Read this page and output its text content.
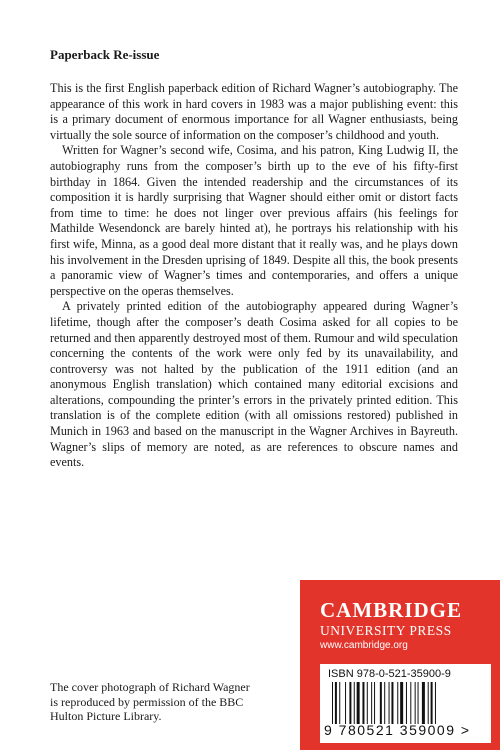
Paperback Re-issue

This is the first English paperback edition of Richard Wagner’s autobiography. The appearance of this work in hard covers in 1983 was a major publishing event: this is a primary document of enormous importance for all Wagner enthusiasts, being virtually the sole source of information on the composer’s childhood and youth.

Written for Wagner’s second wife, Cosima, and his patron, King Ludwig II, the autobiography runs from the composer’s birth up to the eve of his fifty-first birthday in 1864. Given the intended readership and the circumstances of its composition it is hardly surprising that Wagner should either omit or distort facts from time to time: he does not linger over previous affairs (his feelings for Mathilde Wesendonck are barely hinted at), he portrays his relationship with his first wife, Minna, as a good deal more distant that it really was, and he plays down his involvement in the Dresden uprising of 1849. Despite all this, the book presents a panoramic view of Wagner’s times and contemporaries, and offers a unique perspective on the operas themselves.

A privately printed edition of the autobiography appeared during Wagner’s lifetime, though after the composer’s death Cosima asked for all copies to be returned and then apparently destroyed most of them. Rumour and wild speculation concerning the contents of the work were only fed by its unavailability, and controversy was not halted by the publication of the 1911 edition (and an anonymous English translation) which contained many editorial excisions and alterations, compounding the printer’s errors in the privately printed edition. This translation is of the complete edition (with all omissions restored) published in Munich in 1963 and based on the manuscript in the Wagner Archives in Bayreuth. Wagner’s slips of memory are noted, as are references to obscure names and events.

The cover photograph of Richard Wagner is reproduced by permission of the BBC Hulton Picture Library.
CAMBRIDGE
UNIVERSITY PRESS
www.cambridge.org
ISBN 978-0-521-35900-9
9 780521 359009 >
